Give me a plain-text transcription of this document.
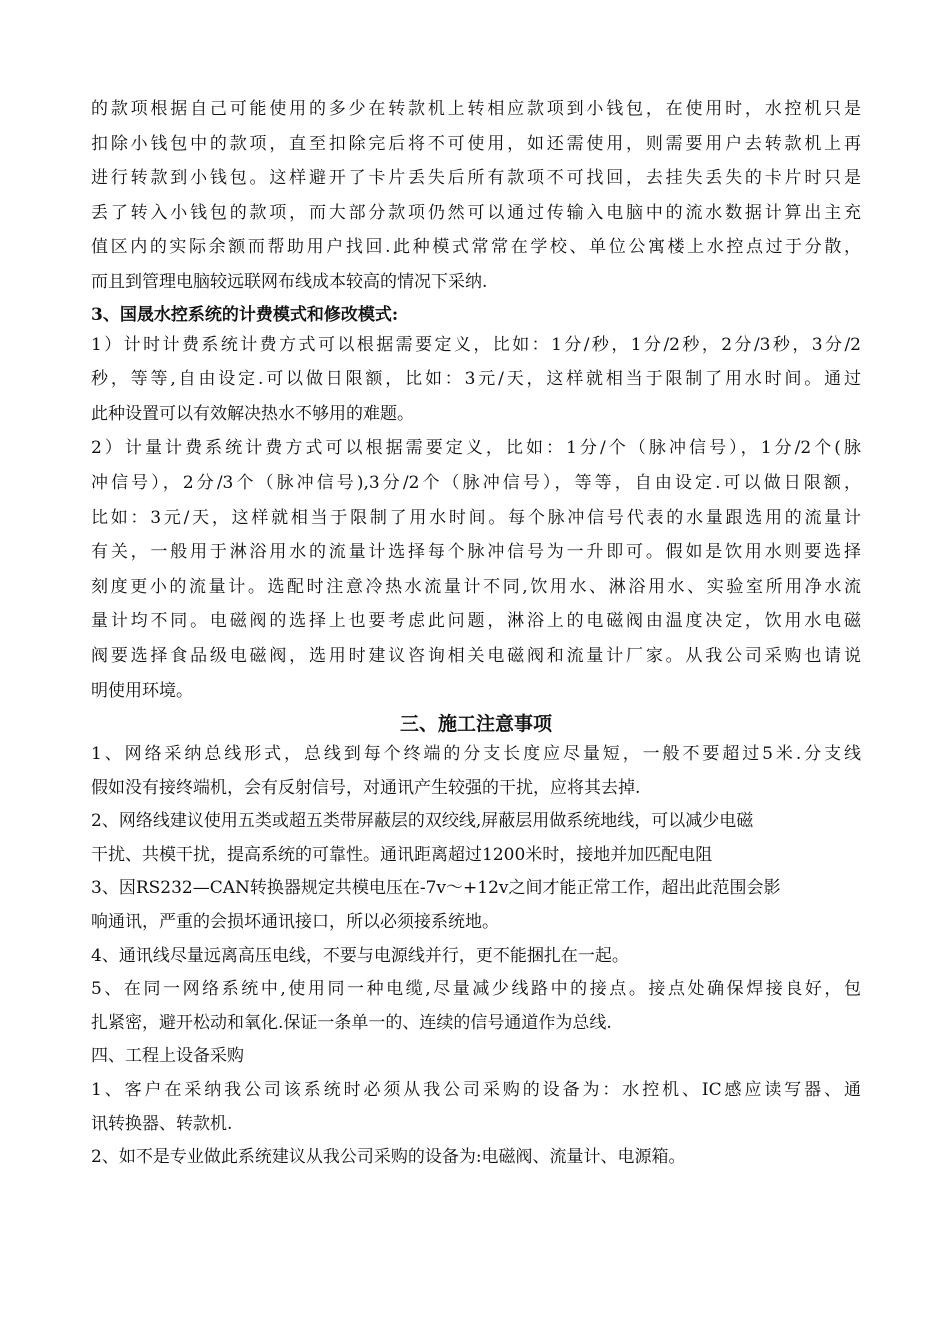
的款项根据自己可能使用的多少在转款机上转相应款项到小钱包，在使用时，水控机只是
扣除小钱包中的款项，直至扣除完后将不可使用，如还需使用，则需要用户去转款机上再
进行转款到小钱包。这样避开了卡片丢失后所有款项不可找回，去挂失丢失的卡片时只是
丢了转入小钱包的款项，而大部分款项仍然可以通过传输入电脑中的流水数据计算出主充
值区内的实际余额而帮助用户找回.此种模式常常在学校、单位公寓楼上水控点过于分散，
而且到管理电脑较远联网布线成本较高的情况下采纳.
3、国晟水控系统的计费模式和修改模式:
1）计时计费系统计费方式可以根据需要定义，比如：1分/秒，1分/2秒，2分/3秒，3分/2
秒，等等,自由设定.可以做日限额，比如：3元/天，这样就相当于限制了用水时间。通过
此种设置可以有效解决热水不够用的难题。
2）计量计费系统计费方式可以根据需要定义，比如：1分/个（脉冲信号），1分/2个(脉
冲信号），2分/3个（脉冲信号),3分/2个（脉冲信号），等等，自由设定.可以做日限额，
比如：3元/天，这样就相当于限制了用水时间。每个脉冲信号代表的水量跟选用的流量计
有关，一般用于淋浴用水的流量计选择每个脉冲信号为一升即可。假如是饮用水则要选择
刻度更小的流量计。选配时注意冷热水流量计不同,饮用水、淋浴用水、实验室所用净水流
量计均不同。电磁阀的选择上也要考虑此问题，淋浴上的电磁阀由温度决定，饮用水电磁
阀要选择食品级电磁阀，选用时建议咨询相关电磁阀和流量计厂家。从我公司采购也请说
明使用环境。
三、施工注意事项
1、网络采纳总线形式，总线到每个终端的分支长度应尽量短，一般不要超过5米.分支线
假如没有接终端机，会有反射信号，对通讯产生较强的干扰，应将其去掉.
2、网络线建议使用五类或超五类带屏蔽层的双绞线,屏蔽层用做系统地线，可以减少电磁
干扰、共模干扰，提高系统的可靠性。通讯距离超过1200米时，接地并加匹配电阻
3、因RS232—CAN转换器规定共模电压在-7v～+12v之间才能正常工作，超出此范围会影
响通讯，严重的会损坏通讯接口，所以必须接系统地。
4、通讯线尽量远离高压电线，不要与电源线并行，更不能捆扎在一起。
5、在同一网络系统中,使用同一种电缆,尽量减少线路中的接点。接点处确保焊接良好，包
扎紧密，避开松动和氧化.保证一条单一的、连续的信号通道作为总线.
四、工程上设备采购
1、客户在采纳我公司该系统时必须从我公司采购的设备为：水控机、IC感应读写器、通
讯转换器、转款机.
2、如不是专业做此系统建议从我公司采购的设备为:电磁阀、流量计、电源箱。
